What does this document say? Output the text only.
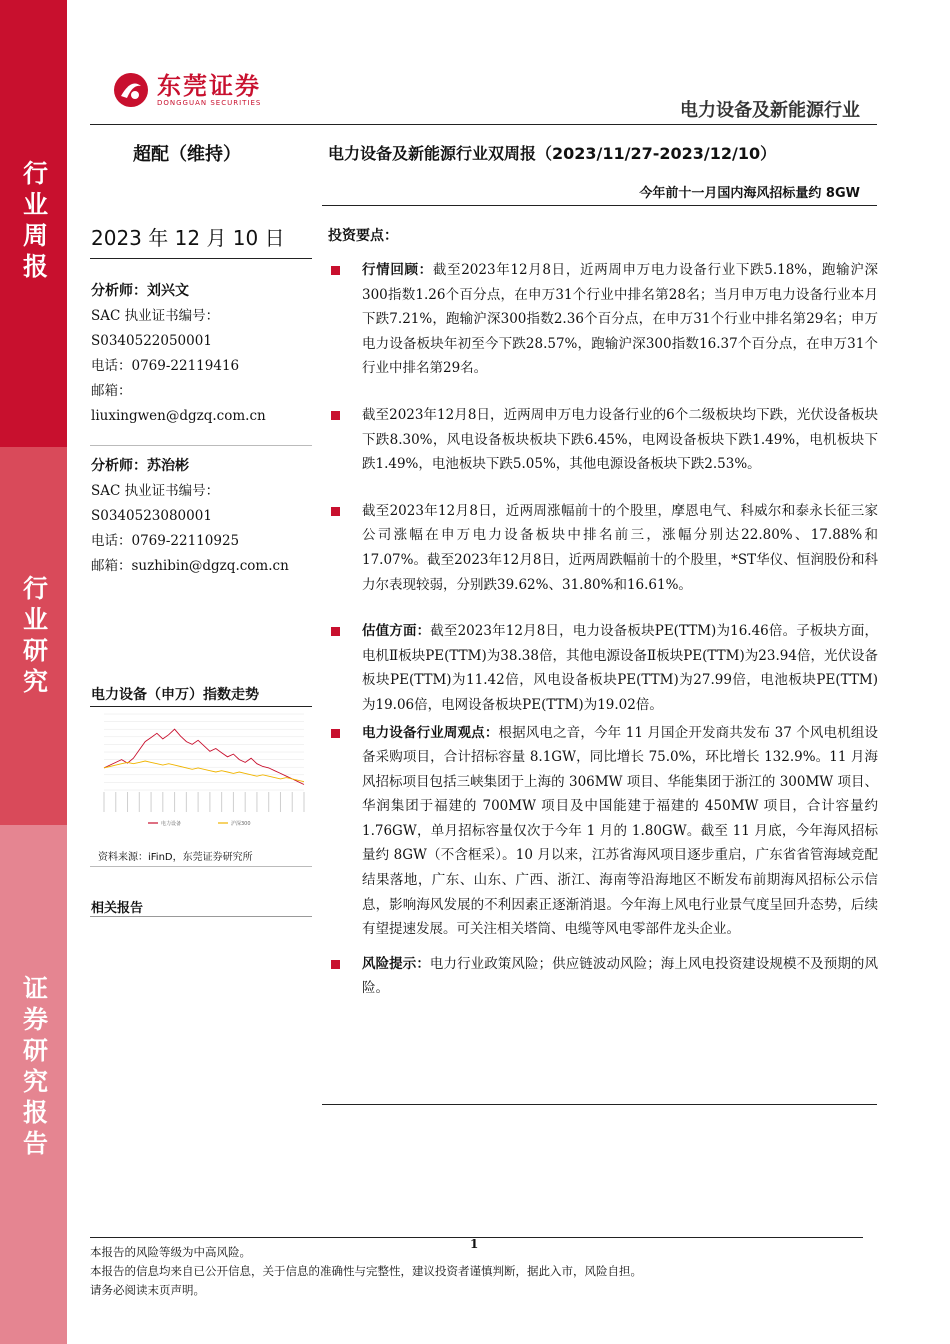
行业周报
行业研究
证券研究报告
东莞证券
DONGGUAN SECURITIES	电力设备及新能源行业
超配（维持）	电力设备及新能源行业双周报（2023/11/27-2023/12/10）
今年前十一月国内海风招标量约 8GW
2023 年 12 月 10 日
分析师：刘兴文
SAC 执业证书编号：
S0340522050001
电话：0769-22119416
邮箱：
liuxingwen@dgzq.com.cn
分析师：苏治彬
SAC 执业证书编号：
S0340523080001
电话：0769-22110925
邮箱：suzhibin@dgzq.com.cn
电力设备（申万）指数走势
电力设备	沪深300
资料来源：iFinD，东莞证券研究所
相关报告
投资要点：
行情回顾：截至2023年12月8日，近两周申万电力设备行业下跌5.18%，跑输沪深300指数1.26个百分点，在申万31个行业中排名第28名；当月申万电力设备行业本月下跌7.21%，跑输沪深300指数2.36个百分点，在申万31个行业中排名第29名；申万电力设备板块年初至今下跌28.57%，跑输沪深300指数16.37个百分点，在申万31个行业中排名第29名。
截至2023年12月8日，近两周申万电力设备行业的6个二级板块均下跌，光伏设备板块下跌8.30%，风电设备板块板块下跌6.45%，电网设备板块下跌1.49%，电机板块下跌1.49%，电池板块下跌5.05%，其他电源设备板块下跌2.53%。
截至2023年12月8日，近两周涨幅前十的个股里，摩恩电气、科威尔和泰永长征三家公司涨幅在申万电力设备板块中排名前三，涨幅分别达22.80%、17.88%和17.07%。截至2023年12月8日，近两周跌幅前十的个股里，*ST华仪、恒润股份和科力尔表现较弱，分别跌39.62%、31.80%和16.61%。
估值方面：截至2023年12月8日，电力设备板块PE(TTM)为16.46倍。子板块方面，电机Ⅱ板块PE(TTM)为38.38倍，其他电源设备Ⅱ板块PE(TTM)为23.94倍，光伏设备板块PE(TTM)为11.42倍，风电设备板块PE(TTM)为27.99倍，电池板块PE(TTM)为19.06倍，电网设备板块PE(TTM)为19.02倍。
电力设备行业周观点：根据风电之音，今年 11 月国企开发商共发布 37 个风电机组设备采购项目，合计招标容量 8.1GW，同比增长 75.0%，环比增长 132.9%。11 月海风招标项目包括三峡集团于上海的 306MW 项目、华能集团于浙江的 300MW 项目、华润集团于福建的 700MW 项目及中国能建于福建的 450MW 项目，合计容量约 1.76GW，单月招标容量仅次于今年 1 月的 1.80GW。截至 11 月底，今年海风招标量约 8GW（不含框采）。10 月以来，江苏省海风项目逐步重启，广东省省管海域竞配结果落地，广东、山东、广西、浙江、海南等沿海地区不断发布前期海风招标公示信息，影响海风发展的不利因素正逐渐消退。今年海上风电行业景气度呈回升态势，后续有望提速发展。可关注相关塔筒、电缆等风电零部件龙头企业。
风险提示：电力行业政策风险；供应链波动风险；海上风电投资建设规模不及预期的风险。
1
本报告的风险等级为中高风险。
本报告的信息均来自已公开信息，关于信息的准确性与完整性，建议投资者谨慎判断，据此入市，风险自担。
请务必阅读末页声明。
